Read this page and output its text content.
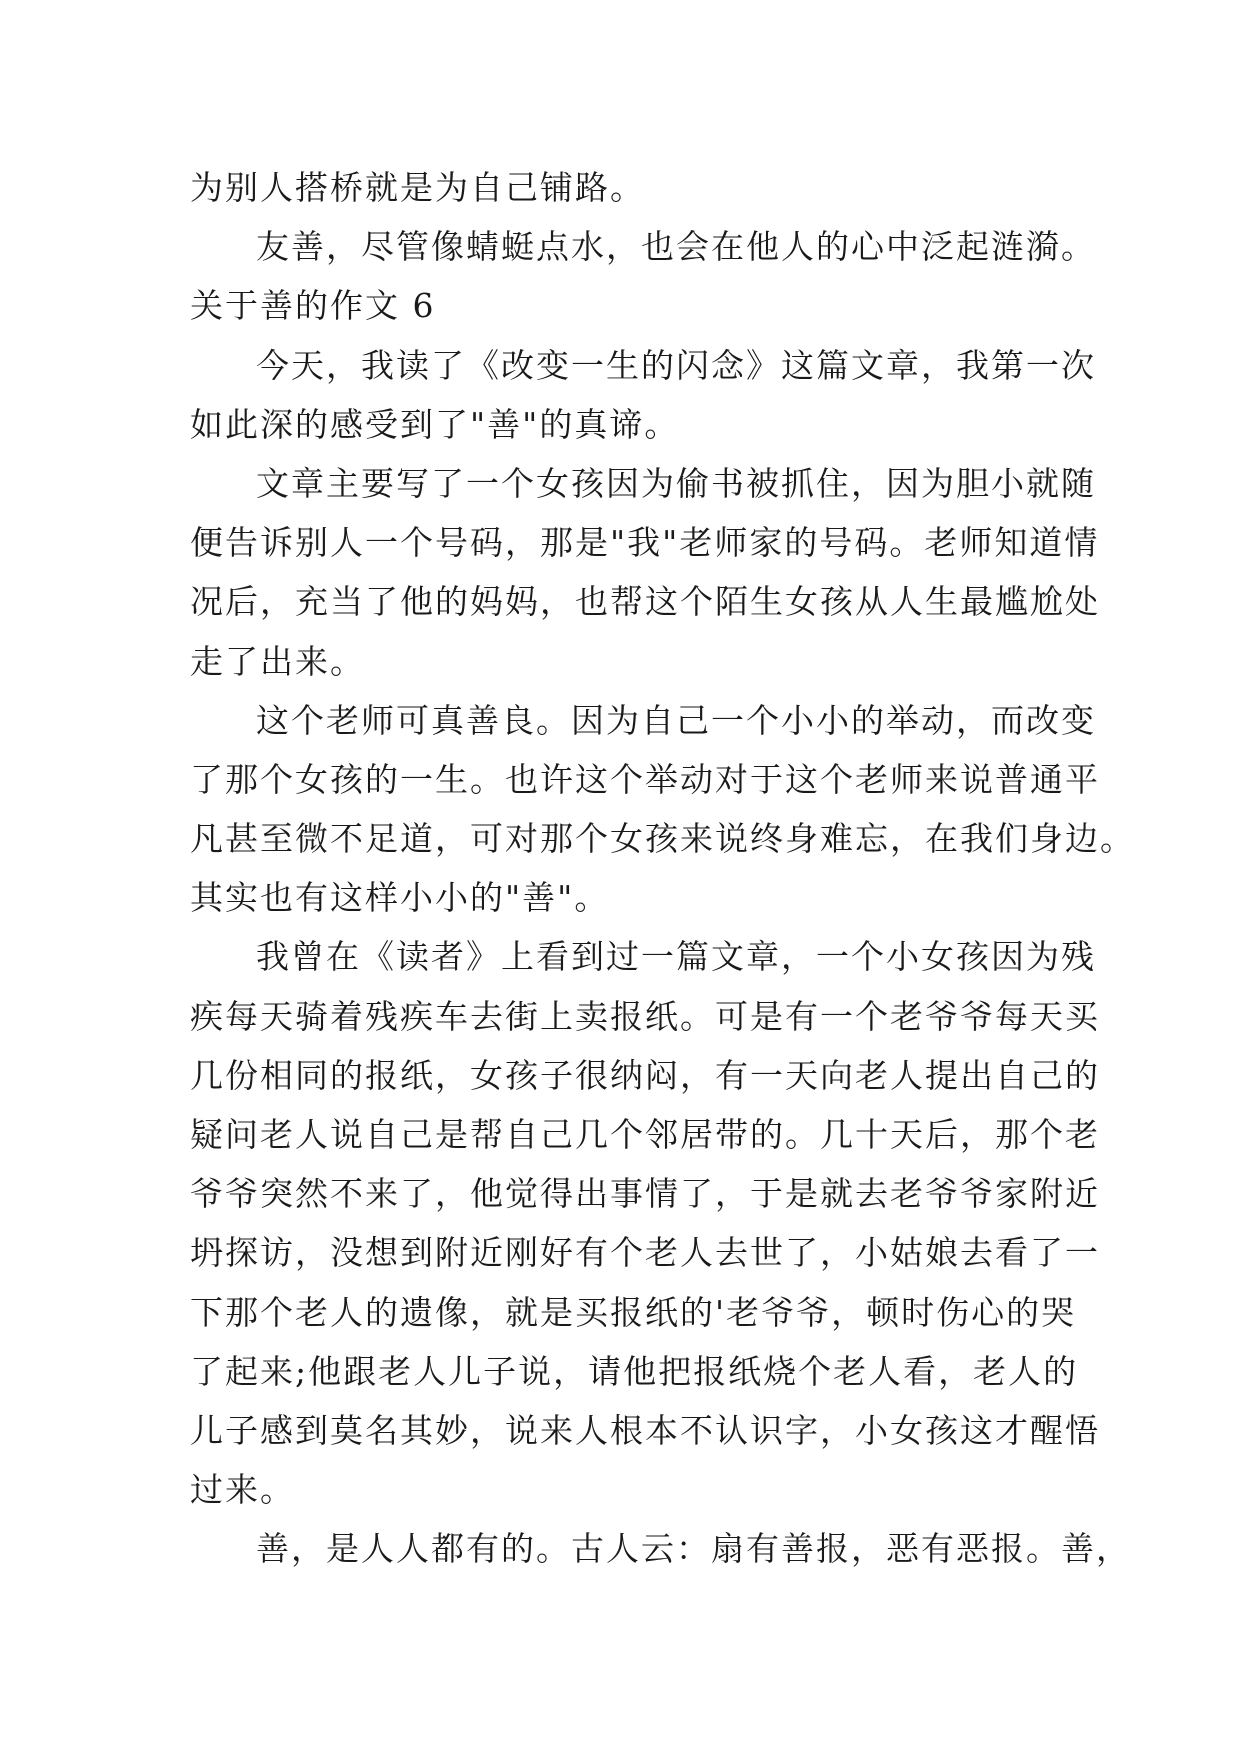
为别人搭桥就是为自己铺路。
友善，尽管像蜻蜓点水，也会在他人的心中泛起涟漪。
关于善的作文 6
今天，我读了《改变一生的闪念》这篇文章，我第一次
如此深的感受到了"善"的真谛。
文章主要写了一个女孩因为偷书被抓住，因为胆小就随
便告诉别人一个号码，那是"我"老师家的号码。老师知道情
况后，充当了他的妈妈，也帮这个陌生女孩从人生最尴尬处
走了出来。
这个老师可真善良。因为自己一个小小的举动，而改变
了那个女孩的一生。也许这个举动对于这个老师来说普通平
凡甚至微不足道，可对那个女孩来说终身难忘，在我们身边。
其实也有这样小小的"善"。
我曾在《读者》上看到过一篇文章，一个小女孩因为残
疾每天骑着残疾车去街上卖报纸。可是有一个老爷爷每天买
几份相同的报纸，女孩子很纳闷，有一天向老人提出自己的
疑问老人说自己是帮自己几个邻居带的。几十天后，那个老
爷爷突然不来了，他觉得出事情了，于是就去老爷爷家附近
坍探访，没想到附近刚好有个老人去世了，小姑娘去看了一
下那个老人的遗像，就是买报纸的'老爷爷，顿时伤心的哭
了起来;他跟老人儿子说，请他把报纸烧个老人看，老人的
儿子感到莫名其妙，说来人根本不认识字，小女孩这才醒悟
过来。
善，是人人都有的。古人云：扇有善报，恶有恶报。善，
